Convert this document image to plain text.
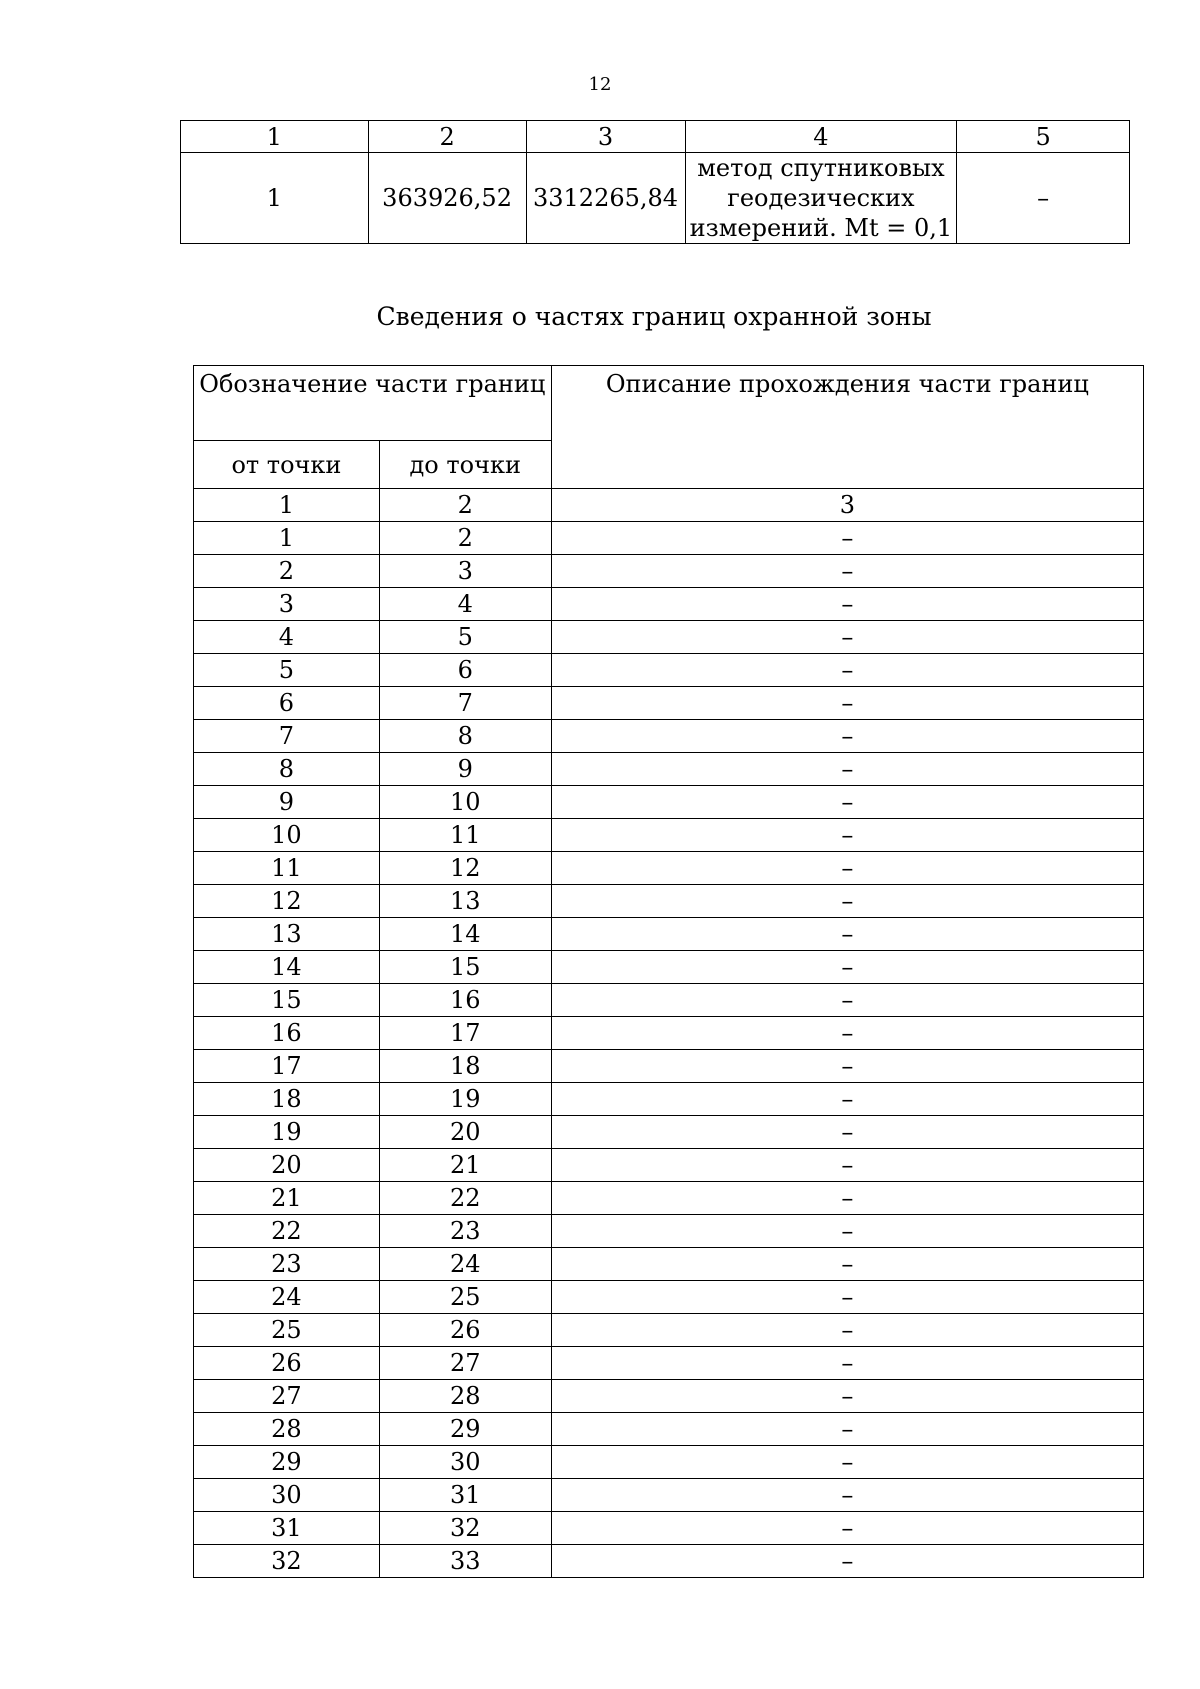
12
1	2	3	4	5
1	363926,52	3312265,84	метод спутниковых
геодезических
измерений. Mt = 0,1	–
Сведения о частях границ охранной зоны
Обозначение части границ		Описание прохождения части границ
от точки	до точки	
1	2	3
1	2	–
2	3	–
3	4	–
4	5	–
5	6	–
6	7	–
7	8	–
8	9	–
9	10	–
10	11	–
11	12	–
12	13	–
13	14	–
14	15	–
15	16	–
16	17	–
17	18	–
18	19	–
19	20	–
20	21	–
21	22	–
22	23	–
23	24	–
24	25	–
25	26	–
26	27	–
27	28	–
28	29	–
29	30	–
30	31	–
31	32	–
32	33	–
